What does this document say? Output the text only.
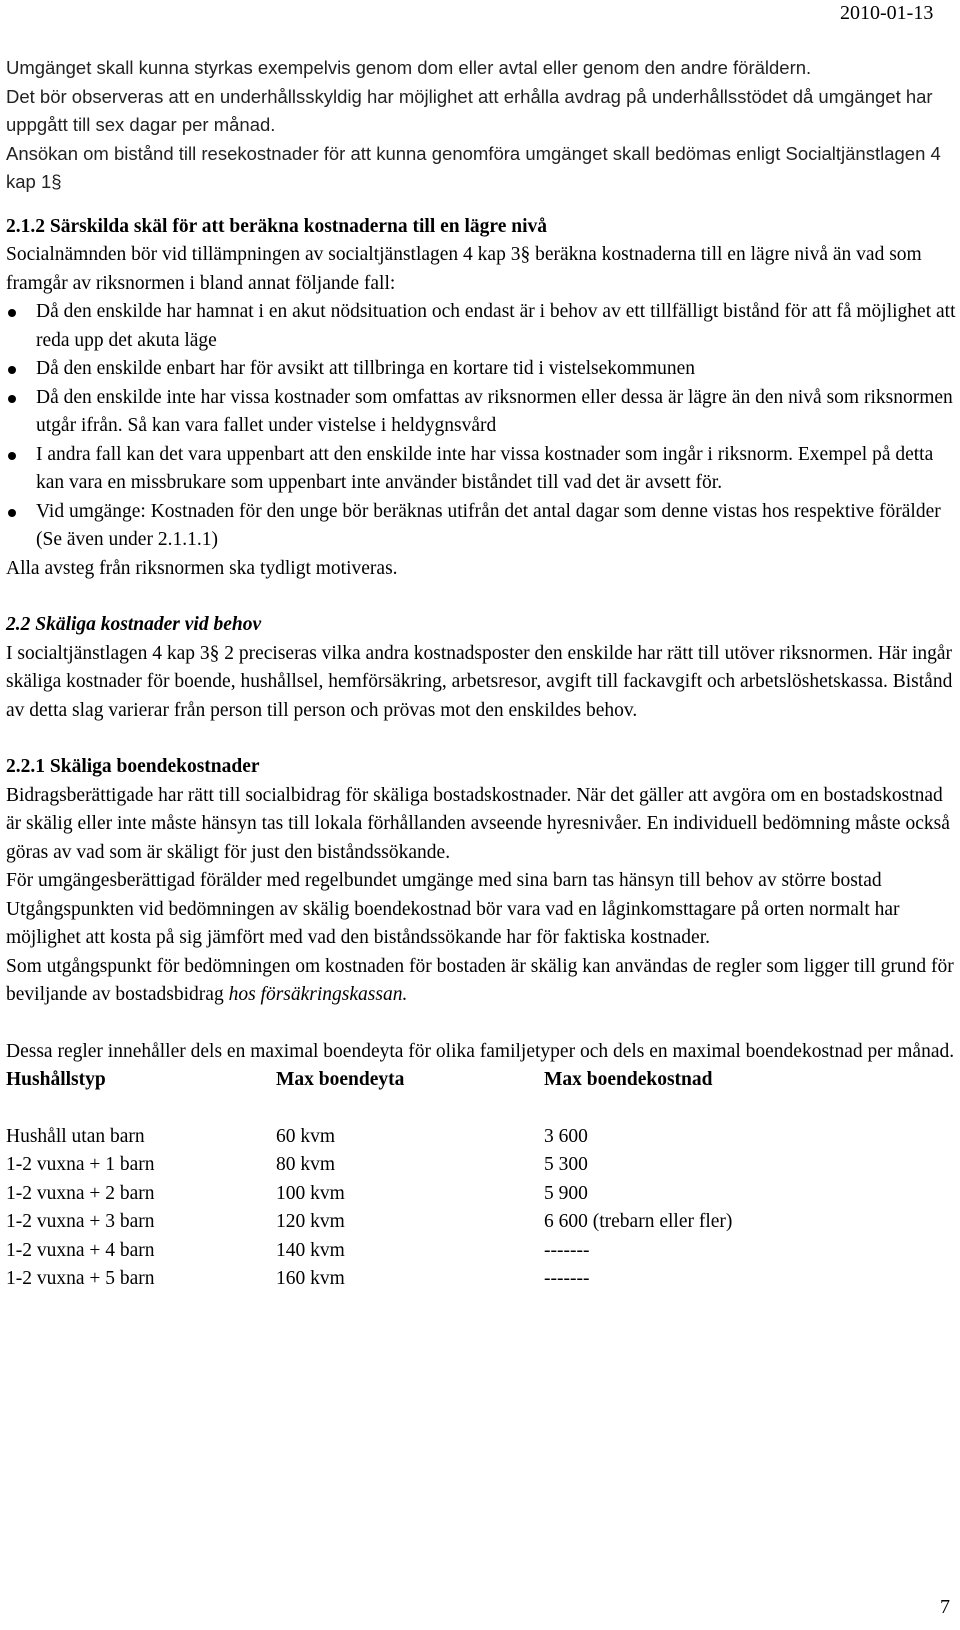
2010-01-13

Umgänget skall kunna styrkas exempelvis genom dom eller avtal eller genom den andre föräldern.

Det bör observeras att en underhållsskyldig har möjlighet att erhålla avdrag på underhållsstödet då umgänget har uppgått till sex dagar per månad.

Ansökan om bistånd till resekostnader för att kunna genomföra umgänget skall bedömas enligt Socialtjänstlagen 4 kap 1§

2.1.2 Särskilda skäl för att beräkna kostnaderna till en lägre nivå

Socialnämnden bör vid tillämpningen av socialtjänstlagen 4 kap 3§ beräkna kostnaderna till en lägre nivå än vad som framgår av riksnormen i bland annat följande fall:

Då den enskilde har hamnat i en akut nödsituation och endast är i behov av ett tillfälligt bistånd för att få möjlighet att reda upp det akuta läge
Då den enskilde enbart har för avsikt att tillbringa en kortare tid i vistelsekommunen
Då den enskilde inte har vissa kostnader som omfattas av riksnormen eller dessa är lägre än den nivå som riksnormen utgår ifrån. Så kan vara fallet under vistelse i heldygnsvård
I andra fall kan det vara uppenbart att den enskilde inte har vissa kostnader som ingår i riksnorm. Exempel på detta kan vara en missbrukare som uppenbart inte använder biståndet till vad det är avsett för.
Vid umgänge: Kostnaden för den unge bör beräknas utifrån det antal dagar som denne vistas hos respektive förälder (Se även under 2.1.1.1)

Alla avsteg från riksnormen ska tydligt motiveras.

2.2 Skäliga kostnader vid behov

I socialtjänstlagen 4 kap 3§ 2 preciseras vilka andra kostnadsposter den enskilde har rätt till utöver riksnormen. Här ingår skäliga kostnader för boende, hushållsel, hemförsäkring, arbetsresor, avgift till fackavgift och arbetslöshetskassa. Bistånd av detta slag varierar från person till person och prövas mot den enskildes behov.

2.2.1 Skäliga boendekostnader

Bidragsberättigade har rätt till socialbidrag för skäliga bostadskostnader. När det gäller att avgöra om en bostadskostnad är skälig eller inte måste hänsyn tas till lokala förhållanden avseende hyresnivåer. En individuell bedömning måste också göras av vad som är skäligt för just den biståndssökande.

För umgängesberättigad förälder med regelbundet umgänge med sina barn tas hänsyn till behov av större bostad

Utgångspunkten vid bedömningen av skälig boendekostnad bör vara vad en låginkomsttagare på orten normalt har möjlighet att kosta på sig jämfört med vad den biståndssökande har för faktiska kostnader.

Som utgångspunkt för bedömningen om kostnaden för bostaden är skälig kan användas de regler som ligger till grund för beviljande av bostadsbidrag hos försäkringskassan.

Dessa regler innehåller dels en maximal boendeyta för olika familjetyper och dels en maximal boendekostnad per månad.

Hushållstyp	Max boendeyta	Max boendekostnad

Hushåll utan barn	60 kvm	3 600
1-2 vuxna + 1 barn	80 kvm	5 300
1-2 vuxna + 2 barn	100 kvm	5 900
1-2 vuxna + 3 barn	120 kvm	6 600 (trebarn eller fler)
1-2 vuxna + 4 barn	140 kvm	-------
1-2 vuxna + 5 barn	160 kvm	-------
7
